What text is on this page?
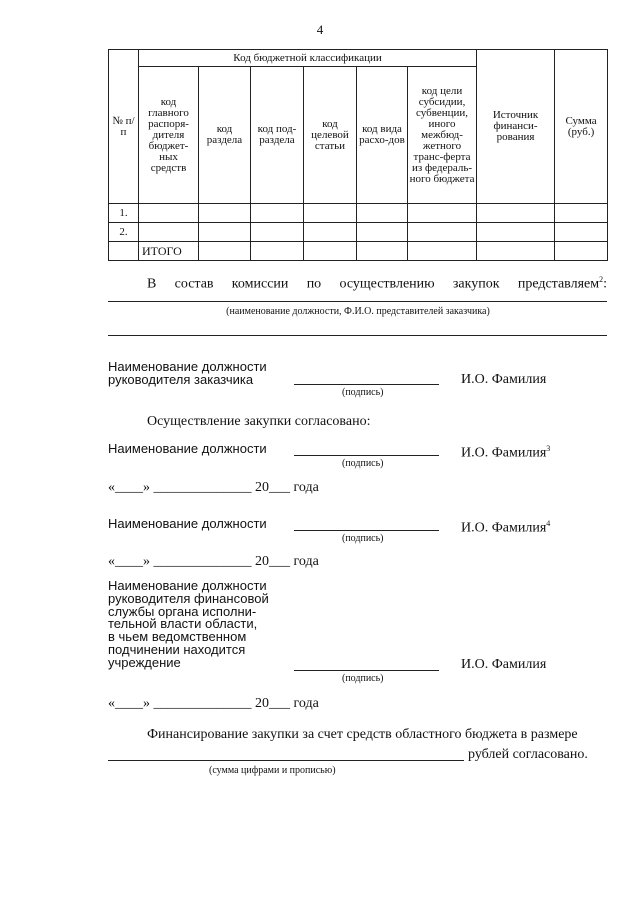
4
№ п/п	Код бюджетной классификации						Источник финанси-рования	Сумма (руб.)
	код главного распоря-дителя бюджет-ных средств	код раздела	код под-раздела	код целевой статьи	код вида расхо-дов	код цели субсидии, субвенции, иного межбюд-жетного транс-ферта из федераль-ного бюджета		
1.								
2.								
	ИТОГО							
В состав комиссии по осуществлению закупок представляем$^2$:
(наименование должности, Ф.И.О. представителей заказчика)
Наименование должности
руководителя заказчика
(подпись)
И.О. Фамилия
Осуществление закупки согласовано:
Наименование должности
(подпись)
И.О. Фамилия$^3$
«____» ______________ 20___ года
Наименование должности
(подпись)
И.О. Фамилия$^4$
«____» ______________ 20___ года
Наименование должности
руководителя финансовой
службы органа исполни-
тельной власти области,
в чьем ведомственном
подчинении находится
учреждение
(подпись)
И.О. Фамилия
«____» ______________ 20___ года
Финансирование закупки за счет средств областного бюджета в размере
рублей согласовано.
(сумма цифрами и прописью)
